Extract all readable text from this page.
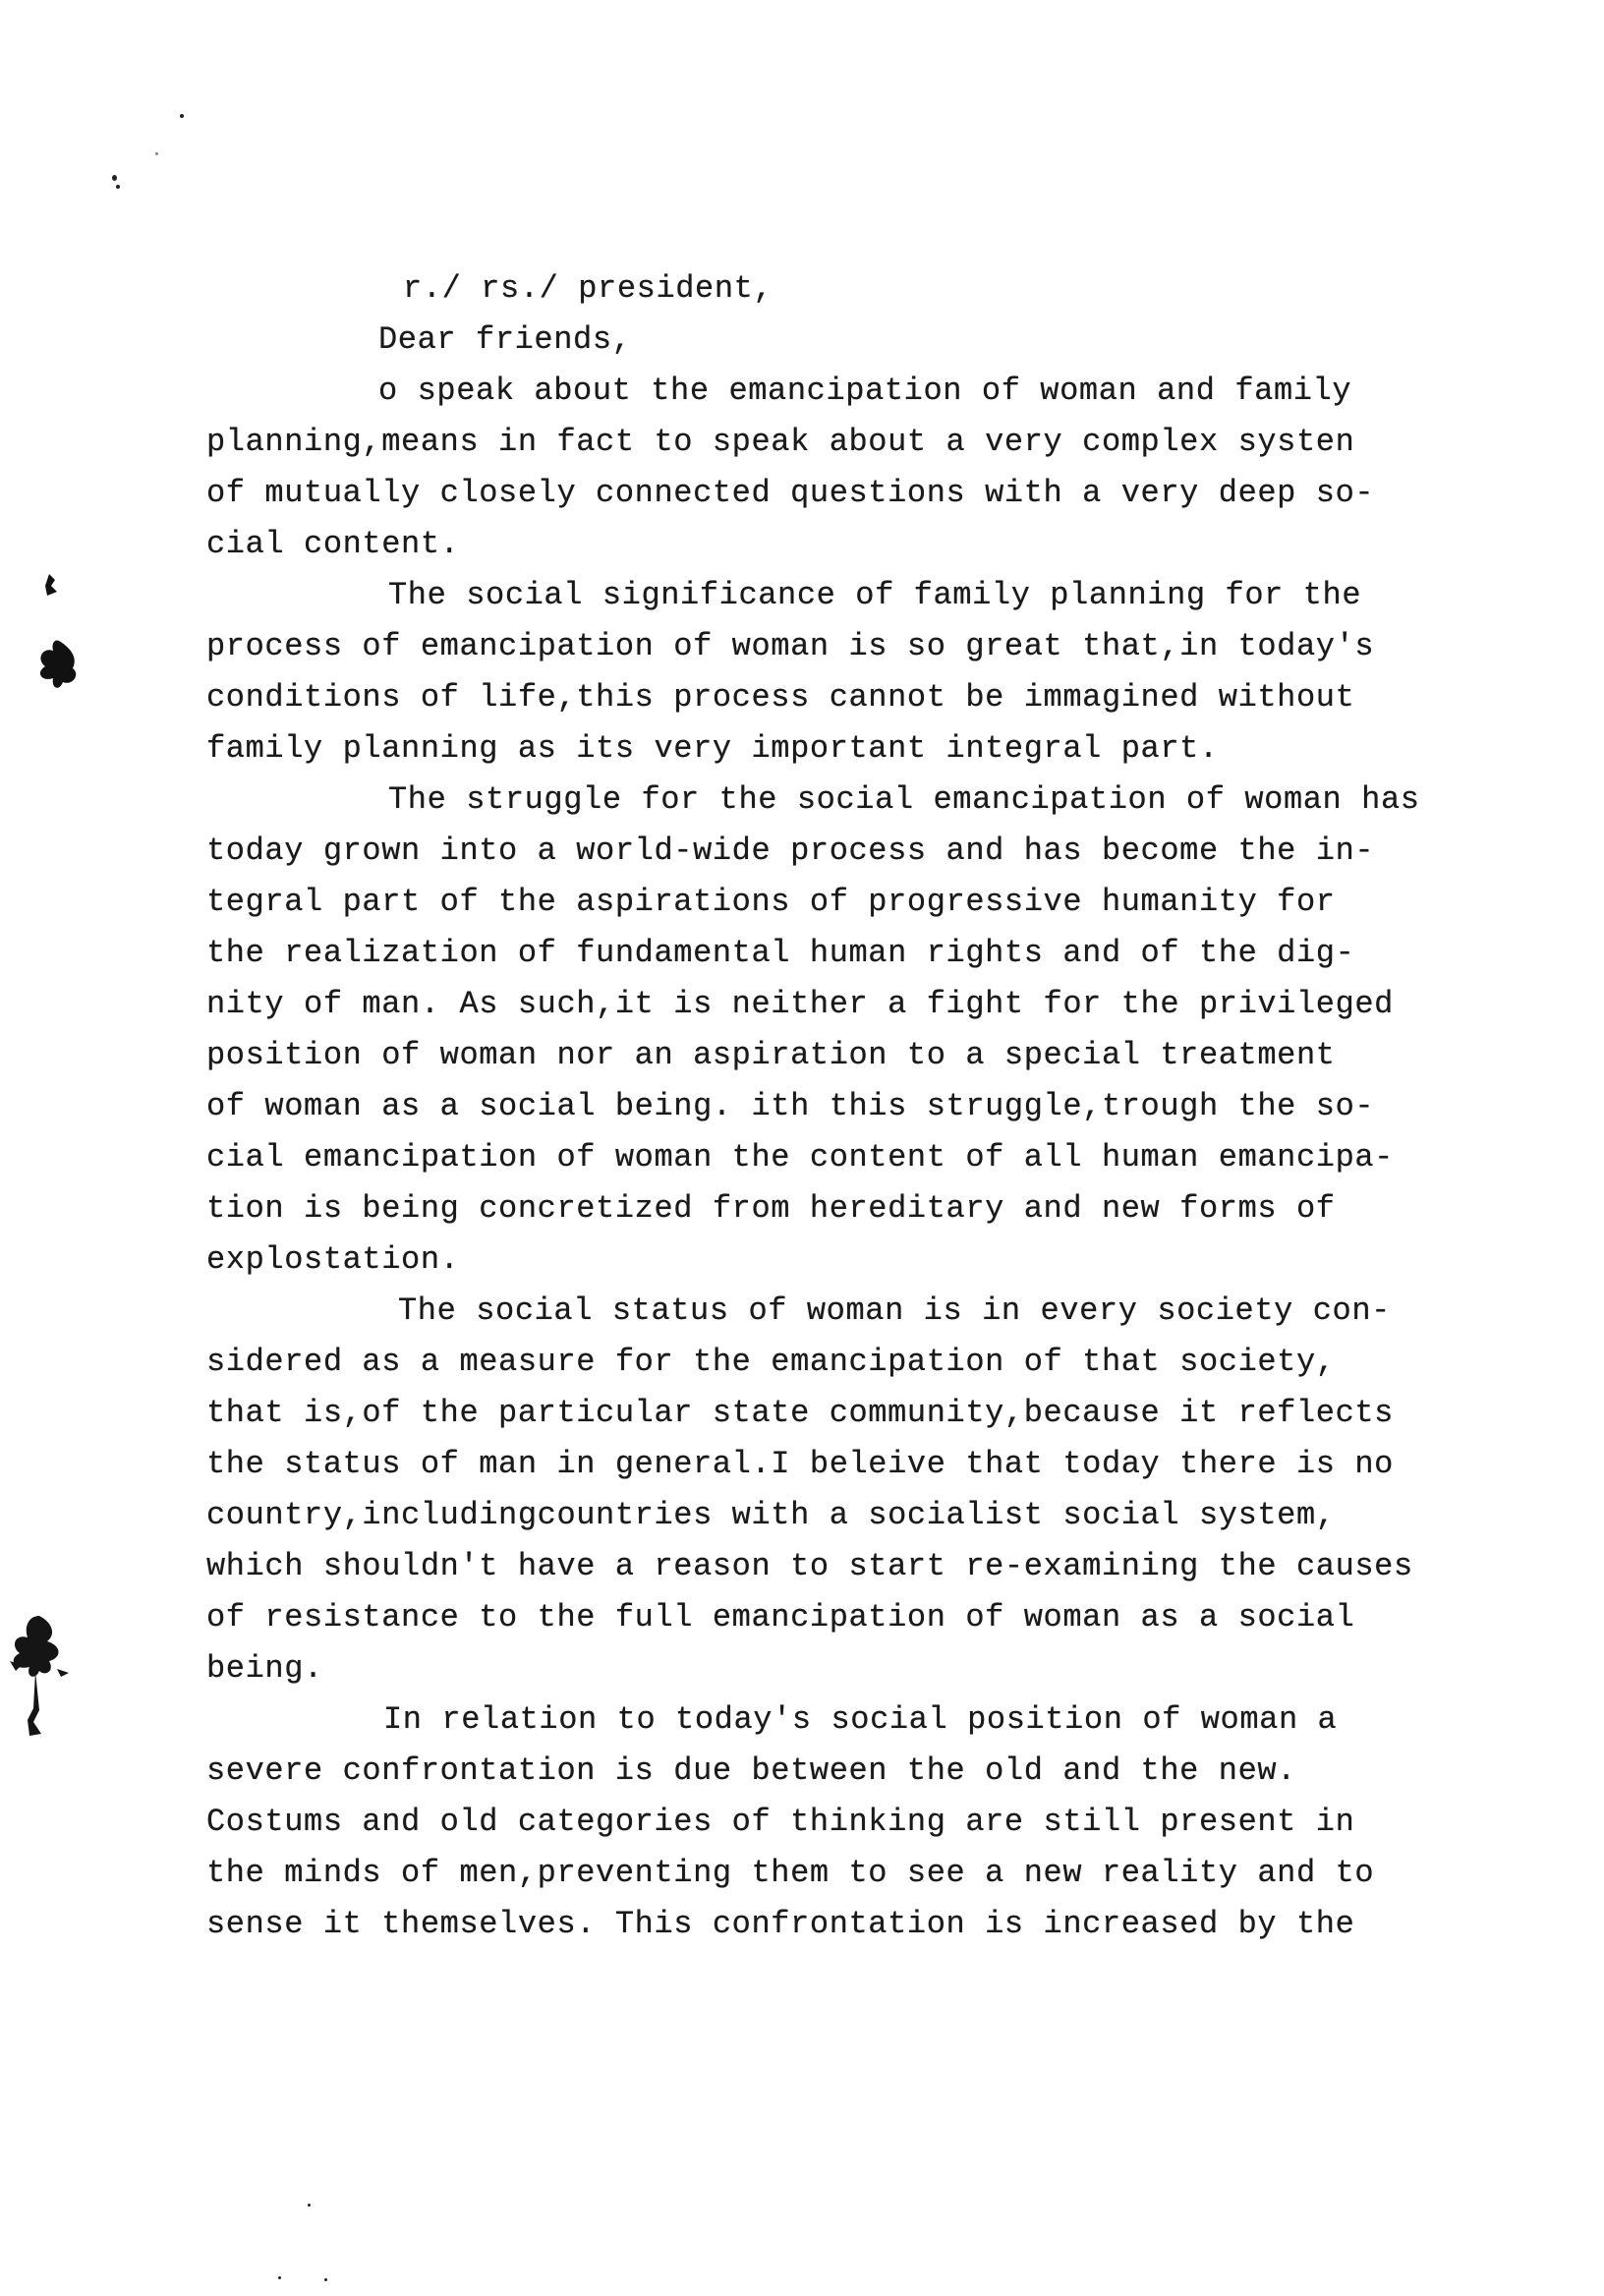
r./ rs./ president,
Dear friends,
o speak about the emancipation of woman and family
planning,means in fact to speak about a very complex systen
of mutually closely connected questions with a very deep so-
cial content.
The social significance of family planning for the
process of emancipation of woman is so great that,in today's
conditions of life,this process cannot be immagined without
family planning as its very important integral part.
The struggle for the social emancipation of woman has
today grown into a world-wide process and has become the in-
tegral part of the aspirations of progressive humanity for
the realization of fundamental human rights and of the dig-
nity of man. As such,it is neither a fight for the privileged
position of woman nor an aspiration to a special treatment
of woman as a social being. ith this struggle,trough the so-
cial emancipation of woman the content of all human emancipa-
tion is being concretized from hereditary and new forms of
explostation.
The social status of woman is in every society con-
sidered as a measure for the emancipation of that society,
that is,of the particular state community,because it reflects
the status of man in general.I beleive that today there is no
country,includingcountries with a socialist social system,
which shouldn't have a reason to start re-examining the causes
of resistance to the full emancipation of woman as a social
being.
In relation to today's social position of woman a
severe confrontation is due between the old and the new.
Costums and old categories of thinking are still present in
the minds of men,preventing them to see a new reality and to
sense it themselves. This confrontation is increased by the
